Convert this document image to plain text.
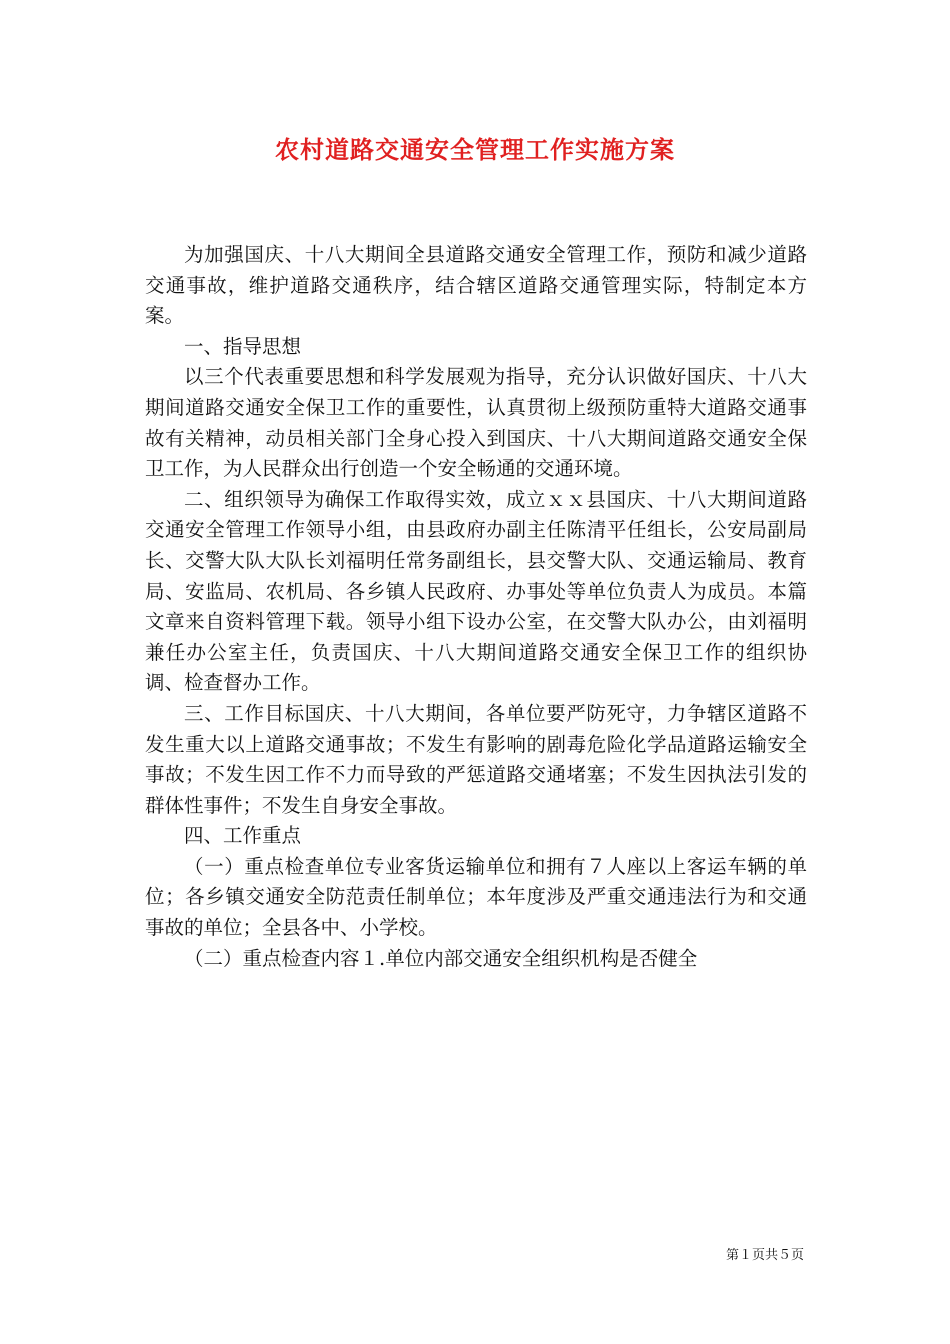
农村道路交通安全管理工作实施方案

为加强国庆、十八大期间全县道路交通安全管理工作，预防和减少道路交通事故，维护道路交通秩序，结合辖区道路交通管理实际，特制定本方案。

一、指导思想

以三个代表重要思想和科学发展观为指导，充分认识做好国庆、十八大期间道路交通安全保卫工作的重要性，认真贯彻上级预防重特大道路交通事故有关精神，动员相关部门全身心投入到国庆、十八大期间道路交通安全保卫工作，为人民群众出行创造一个安全畅通的交通环境。

二、组织领导为确保工作取得实效，成立ｘｘ县国庆、十八大期间道路交通安全管理工作领导小组，由县政府办副主任陈清平任组长，公安局副局长、交警大队大队长刘福明任常务副组长，县交警大队、交通运输局、教育局、安监局、农机局、各乡镇人民政府、办事处等单位负责人为成员。本篇文章来自资料管理下载。领导小组下设办公室，在交警大队办公，由刘福明兼任办公室主任，负责国庆、十八大期间道路交通安全保卫工作的组织协调、检查督办工作。

三、工作目标国庆、十八大期间，各单位要严防死守，力争辖区道路不发生重大以上道路交通事故；不发生有影响的剧毒危险化学品道路运输安全事故；不发生因工作不力而导致的严惩道路交通堵塞；不发生因执法引发的群体性事件；不发生自身安全事故。

四、工作重点

（一）重点检查单位专业客货运输单位和拥有７人座以上客运车辆的单位；各乡镇交通安全防范责任制单位；本年度涉及严重交通违法行为和交通事故的单位；全县各中、小学校。

（二）重点检查内容１.单位内部交通安全组织机构是否健全

第１页共５页
